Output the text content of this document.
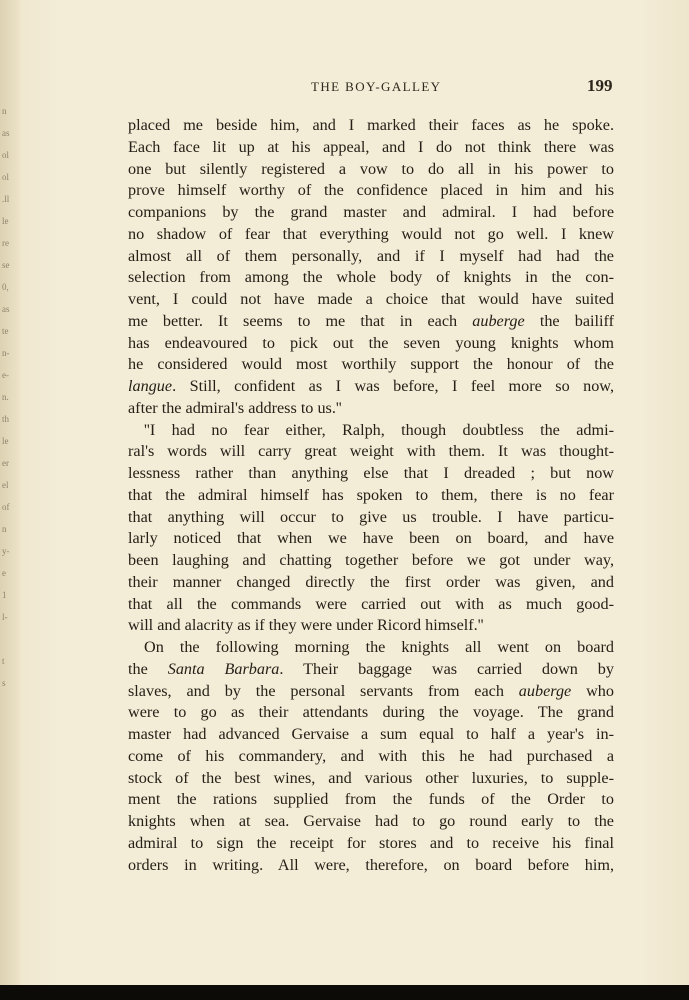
n
as
ol
ol
.ll
le
re
se
0,
as
te
n-
e-
n.
th
le
er
el
of
n
y-
e
1
l-
t
s
THE BOY-GALLEY	199
placed me beside him, and I marked their faces as he spoke.
Each face lit up at his appeal, and I do not think there was
one but silently registered a vow to do all in his power to
prove himself worthy of the confidence placed in him and his
companions by the grand master and admiral. I had before
no shadow of fear that everything would not go well. I knew
almost all of them personally, and if I myself had had the
selection from among the whole body of knights in the con-
vent, I could not have made a choice that would have suited
me better. It seems to me that in each auberge the bailiff
has endeavoured to pick out the seven young knights whom
he considered would most worthily support the honour of the
langue. Still, confident as I was before, I feel more so now,
after the admiral's address to us.''
''I had no fear either, Ralph, though doubtless the admi-
ral's words will carry great weight with them. It was thought-
lessness rather than anything else that I dreaded ; but now
that the admiral himself has spoken to them, there is no fear
that anything will occur to give us trouble. I have particu-
larly noticed that when we have been on board, and have
been laughing and chatting together before we got under way,
their manner changed directly the first order was given, and
that all the commands were carried out with as much good-
will and alacrity as if they were under Ricord himself.''
On the following morning the knights all went on board
the Santa Barbara. Their baggage was carried down by
slaves, and by the personal servants from each auberge who
were to go as their attendants during the voyage. The grand
master had advanced Gervaise a sum equal to half a year's in-
come of his commandery, and with this he had purchased a
stock of the best wines, and various other luxuries, to supple-
ment the rations supplied from the funds of the Order to
knights when at sea. Gervaise had to go round early to the
admiral to sign the receipt for stores and to receive his final
orders in writing. All were, therefore, on board before him,
